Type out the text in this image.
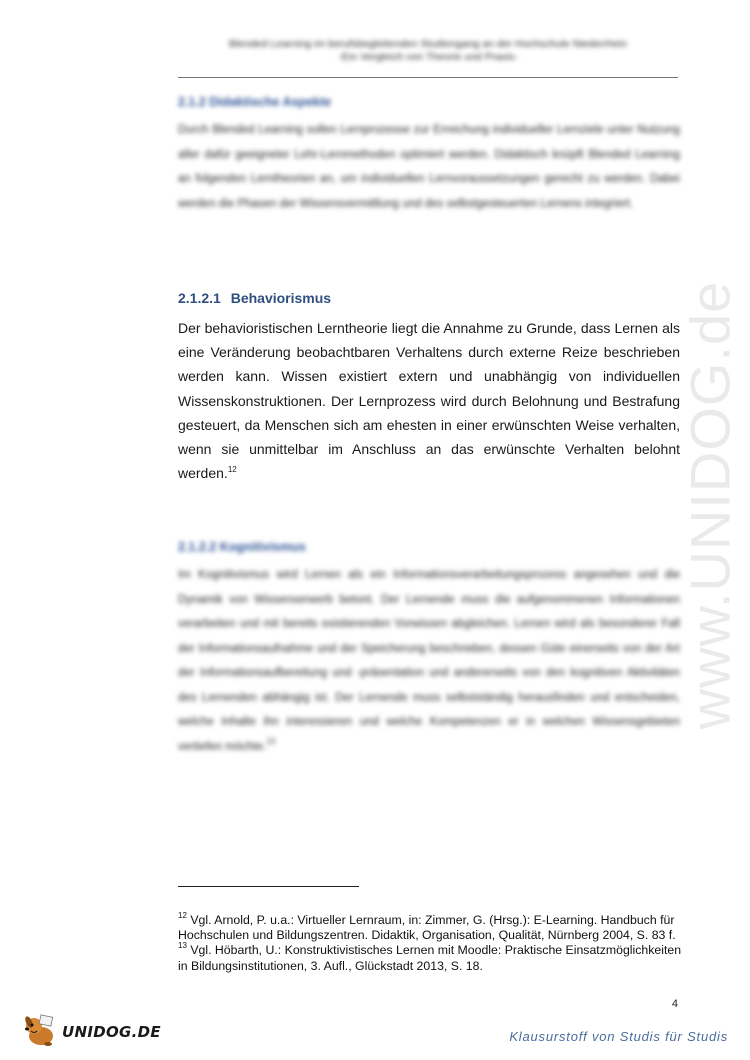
www.UNIDOG.de
Blended Learning im berufsbegleitenden Studiengang an der Hochschule Niederrhein
-Ein Vergleich von Theorie und Praxis-
2.1.2 Didaktische Aspekte
Durch Blended Learning sollen Lernprozesse zur Erreichung individueller Lernziele unter Nutzung aller dafür geeigneter Lehr-Lernmethoden optimiert werden. Didaktisch knüpft Blended Learning an folgenden Lerntheorien an, um individuellen Lernvoraussetzungen gerecht zu werden. Dabei werden die Phasen der Wissensvermittlung und des selbstgesteuerten Lernens integriert.
2.1.2.1 Behaviorismus
Der behavioristischen Lerntheorie liegt die Annahme zu Grunde, dass Lernen als
eine Veränderung beobachtbaren Verhaltens durch externe Reize beschrieben
werden kann. Wissen existiert extern und unabhängig von individuellen
Wissenskonstruktionen. Der Lernprozess wird durch Belohnung und Bestrafung
gesteuert, da Menschen sich am ehesten in einer erwünschten Weise verhalten,
wenn sie unmittelbar im Anschluss an das erwünschte Verhalten belohnt
werden.$^{12}$
2.1.2.2 Kognitivismus
Im Kognitivismus wird Lernen als ein Informationsverarbeitungsprozess angesehen und die Dynamik von Wissenserwerb betont. Der Lernende muss die aufgenommenen Informationen verarbeiten und mit bereits existierenden Vorwissen abgleichen. Lernen wird als besonderer Fall der Informationsaufnahme und der Speicherung beschrieben, dessen Güte einerseits von der Art der Informationsaufbereitung und -präsentation und andererseits von den kognitiven Aktivitäten des Lernenden abhängig ist. Der Lernende muss selbstständig herausfinden und entscheiden, welche Inhalte ihn interessieren und welche Kompetenzen er in welchen Wissensgebieten vertiefen möchte.$^{13}$

$^{12}$ Vgl. Arnold, P. u.a.: Virtueller Lernraum, in: Zimmer, G. (Hrsg.): E-Learning. Handbuch für Hochschulen und Bildungszentren. Didaktik, Organisation, Qualität, Nürnberg 2004, S. 83 f.

$^{13}$ Vgl. Höbarth, U.: Konstruktivistisches Lernen mit Moodle: Praktische Einsatzmöglichkeiten in Bildungsinstitutionen, 3. Aufl., Glückstadt 2013, S. 18.

4
UNIDOG.DE	Klausurstoff von Studis für Studis
